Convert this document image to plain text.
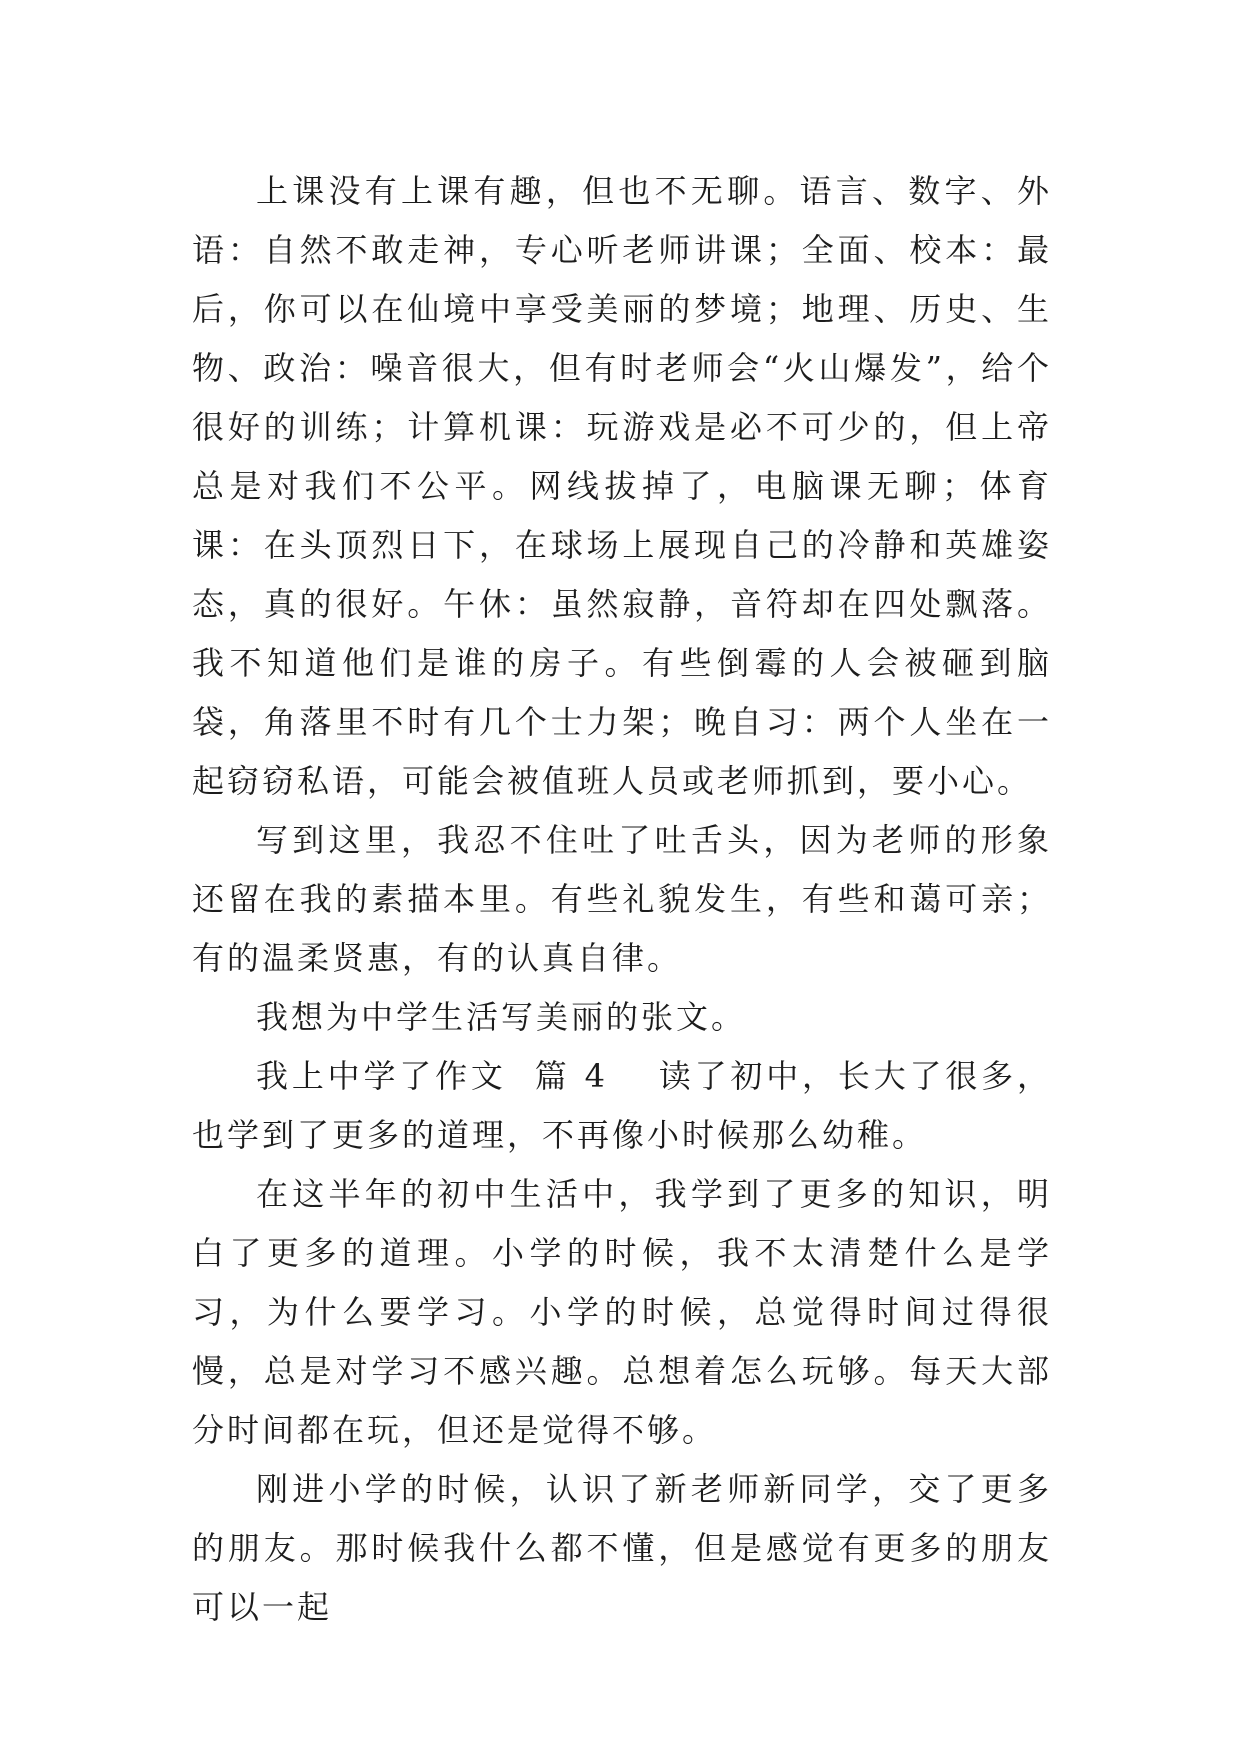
上课没有上课有趣，但也不无聊。语言、数字、外语：自然不敢走神，专心听老师讲课；全面、校本：最后，你可以在仙境中享受美丽的梦境；地理、历史、生物、政治：噪音很大，但有时老师会“火山爆发”，给个很好的训练；计算机课：玩游戏是必不可少的，但上帝总是对我们不公平。网线拔掉了，电脑课无聊；体育课：在头顶烈日下，在球场上展现自己的冷静和英雄姿态，真的很好。午休：虽然寂静，音符却在四处飘落。我不知道他们是谁的房子。有些倒霉的人会被砸到脑袋，角落里不时有几个士力架；晚自习：两个人坐在一起窃窃私语，可能会被值班人员或老师抓到，要小心。

写到这里，我忍不住吐了吐舌头，因为老师的形象还留在我的素描本里。有些礼貌发生，有些和蔼可亲；有的温柔贤惠，有的认真自律。

我想为中学生活写美丽的张文。

我上中学了作文  篇 4 读了初中，长大了很多，也学到了更多的道理，不再像小时候那么幼稚。

在这半年的初中生活中，我学到了更多的知识，明白了更多的道理。小学的时候，我不太清楚什么是学习，为什么要学习。小学的时候，总觉得时间过得很慢，总是对学习不感兴趣。总想着怎么玩够。每天大部分时间都在玩，但还是觉得不够。

刚进小学的时候，认识了新老师新同学，交了更多的朋友。那时候我什么都不懂，但是感觉有更多的朋友可以一起
